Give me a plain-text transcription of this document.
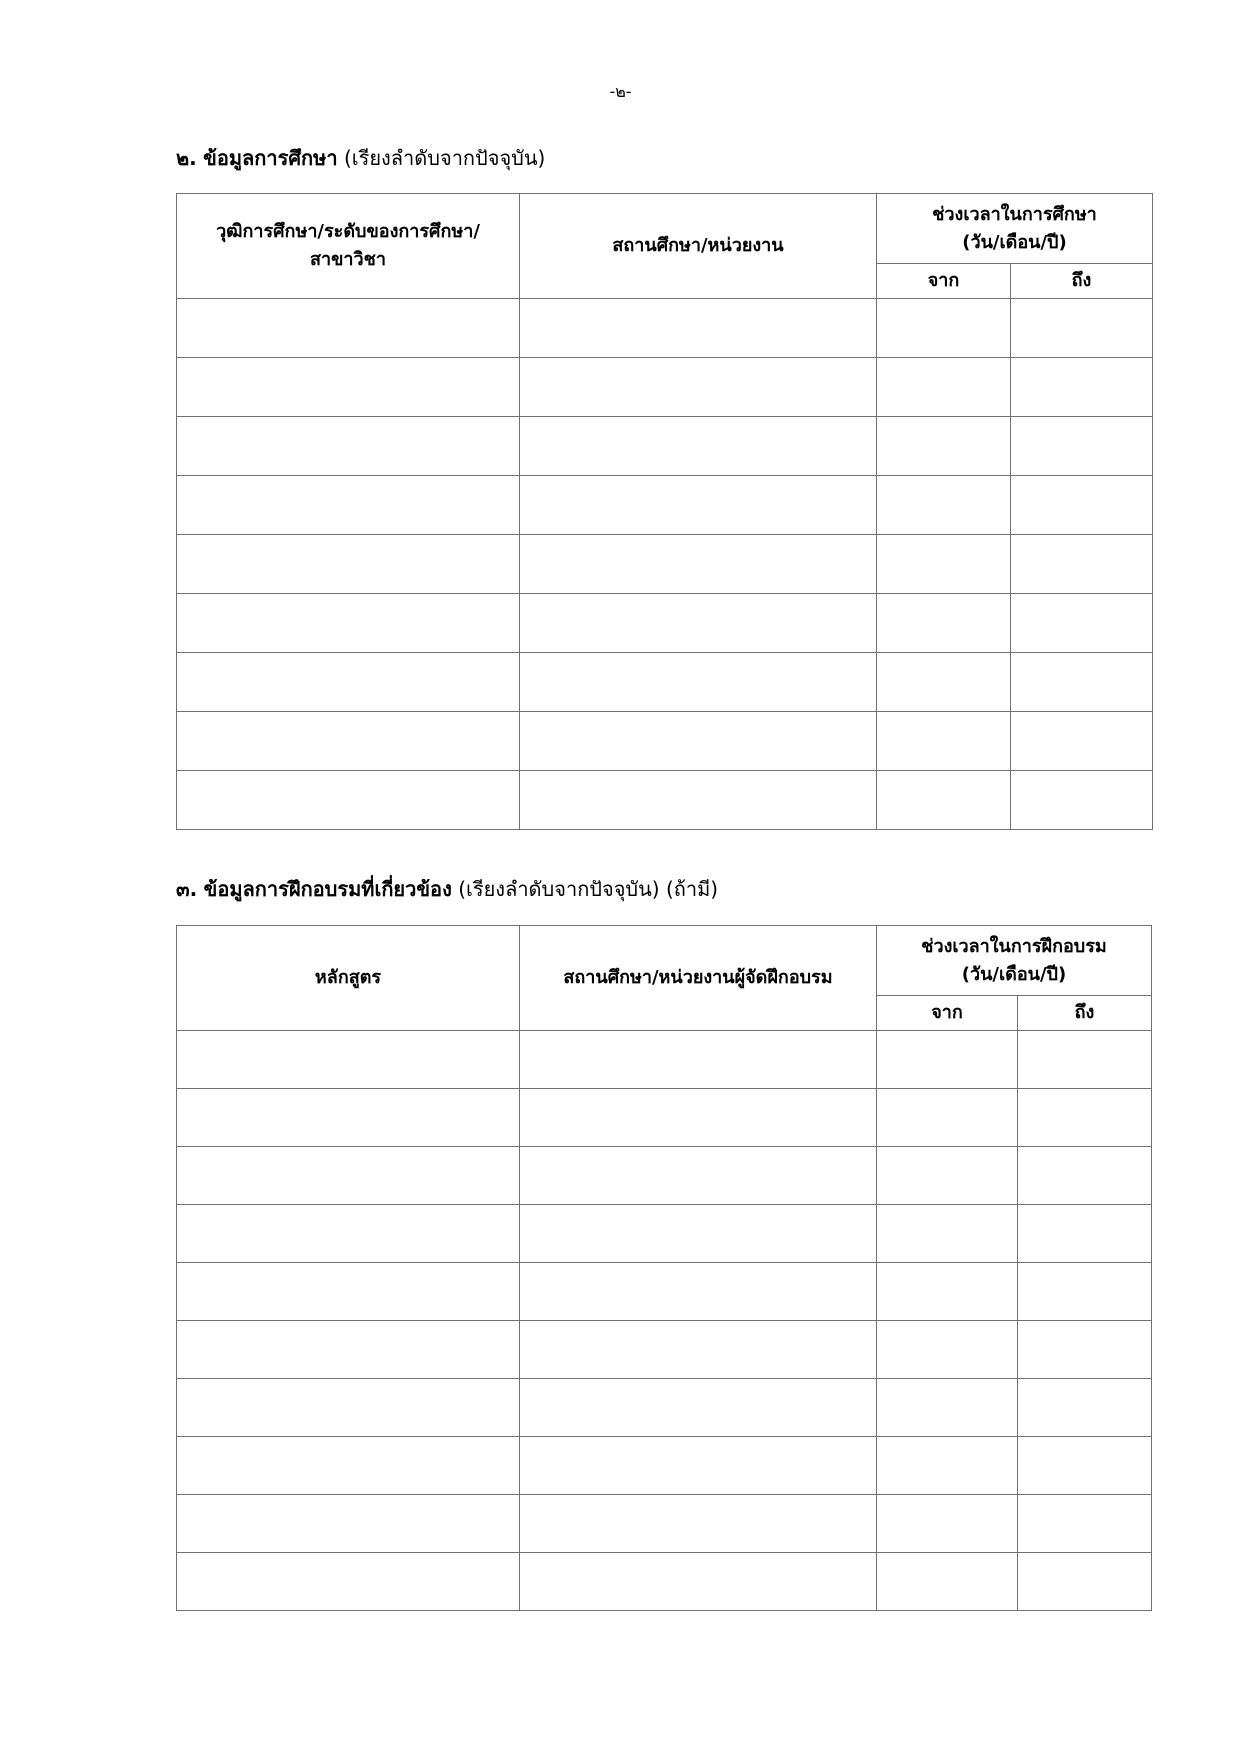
-๒-
๒. ข้อมูลการศึกษา (เรียงลำดับจากปัจจุบัน)
วุฒิการศึกษา/ระดับของการศึกษา/ สาขาวิชา	สถานศึกษา/หน่วยงาน	ช่วงเวลาในการศึกษา
(วัน/เดือน/ปี)	

		จาก	ถึง

๓. ข้อมูลการฝึกอบรมที่เกี่ยวข้อง (เรียงลำดับจากปัจจุบัน) (ถ้ามี)
หลักสูตร	สถานศึกษา/หน่วยงานผู้จัดฝึกอบรม	ช่วงเวลาในการฝึกอบรม
(วัน/เดือน/ปี)	

		จาก	ถึง
